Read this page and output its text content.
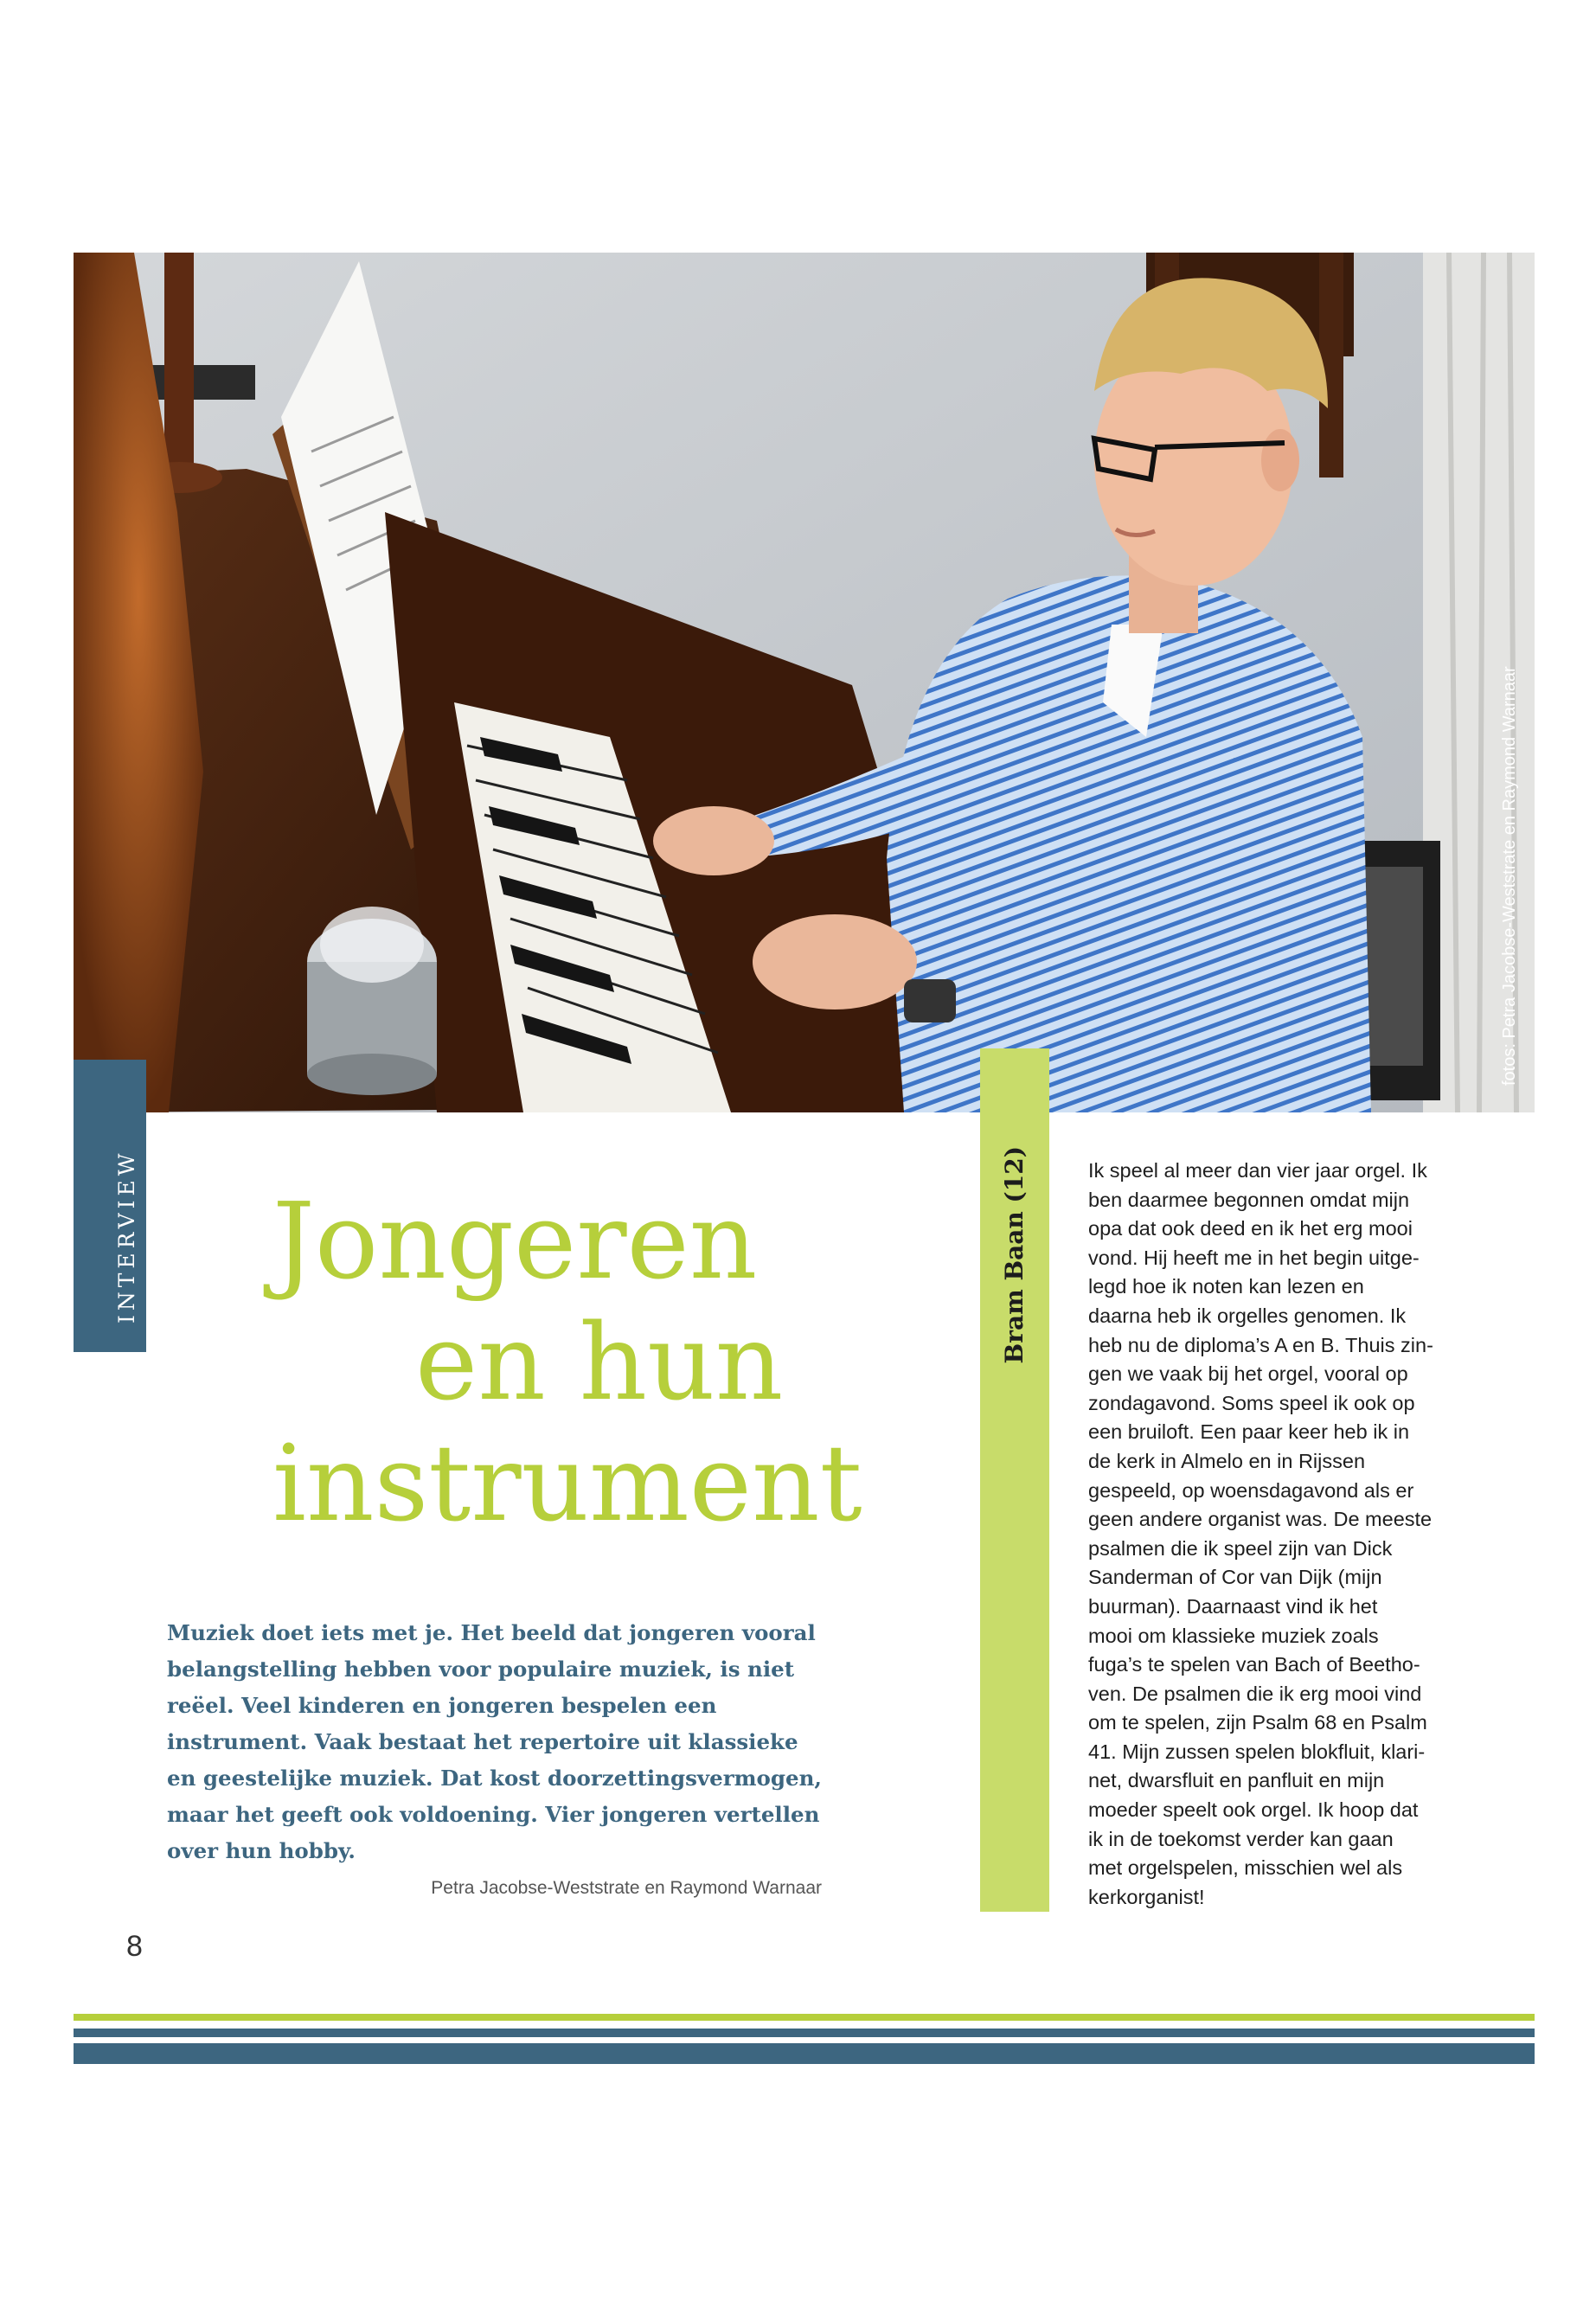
fotos: Petra Jacobse-Weststrate en Raymond Warnaar
INTERVIEW Jongeren
en hun
instrument

Muziek doet iets met je. Het beeld dat jongeren vooral belangstelling hebben voor populaire muziek, is niet reëel. Veel kinderen en jongeren bespelen een instrument. Vaak bestaat het repertoire uit klassieke en geestelijke muziek. Dat kost doorzettingsvermogen, maar het geeft ook voldoening. Vier jongeren vertellen over hun hobby.

Petra Jacobse-Weststrate en Raymond Warnaar
8
Bram Baan (12)	Ik speel al meer dan vier jaar orgel. Ik
ben daarmee begonnen omdat mijn
opa dat ook deed en ik het erg mooi
vond. Hij heeft me in het begin uitge-
legd hoe ik noten kan lezen en
daarna heb ik orgelles genomen. Ik
heb nu de diploma’s A en B. Thuis zin-
gen we vaak bij het orgel, vooral op
zondagavond. Soms speel ik ook op
een bruiloft. Een paar keer heb ik in
de kerk in Almelo en in Rijssen
gespeeld, op woensdagavond als er
geen andere organist was. De meeste
psalmen die ik speel zijn van Dick
Sanderman of Cor van Dijk (mijn
buurman). Daarnaast vind ik het
mooi om klassieke muziek zoals
fuga’s te spelen van Bach of Beetho-
ven. De psalmen die ik erg mooi vind
om te spelen, zijn Psalm 68 en Psalm
41. Mijn zussen spelen blokfluit, klari-
net, dwarsfluit en panfluit en mijn
moeder speelt ook orgel. Ik hoop dat
ik in de toekomst verder kan gaan
met orgelspelen, misschien wel als
kerkorganist!
